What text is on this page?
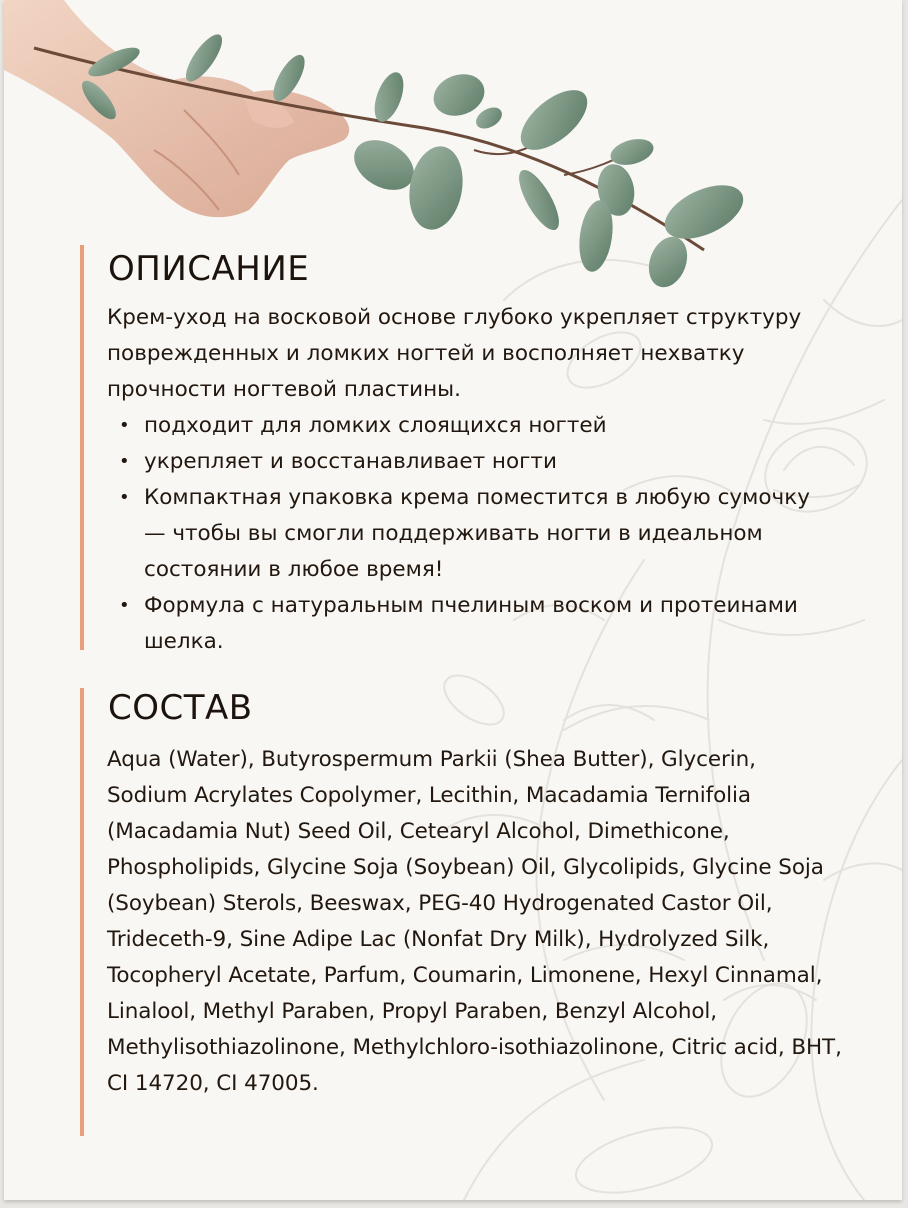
ОПИСАНИЕ

Крем-уход на восковой основе глубоко укрепляет структуру поврежденных и ломких ногтей и восполняет нехватку прочности ногтевой пластины.

• подходит для ломких слоящихся ногтей
• укрепляет и восстанавливает ногти
• Компактная упаковка крема поместится в любую сумочку — чтобы вы смогли поддерживать ногти в идеальном состоянии в любое время!
• Формула с натуральным пчелиным воском и протеинами шелка.
СОСТАВ

Aqua (Water), Butyrospermum Parkii (Shea Butter), Glycerin, Sodium Acrylates Copolymer, Lecithin, Macadamia Ternifolia (Macadamia Nut) Seed Oil, Cetearyl Alcohol, Dimethicone, Phospholipids, Glycine Soja (Soybean) Oil, Glycolipids, Glycine Soja (Soybean) Sterols, Beeswax, PEG-40 Hydrogenated Castor Oil, Trideceth-9, Sine Adipe Lac (Nonfat Dry Milk), Hydrolyzed Silk, Tocopheryl Acetate, Parfum, Coumarin, Limonene, Hexyl Cinnamal, Linalool, Methyl Paraben, Propyl Paraben, Benzyl Alcohol, Methylisothiazolinone, Methylchloro-isothiazolinone, Citric acid, BHT, CI 14720, CI 47005.
